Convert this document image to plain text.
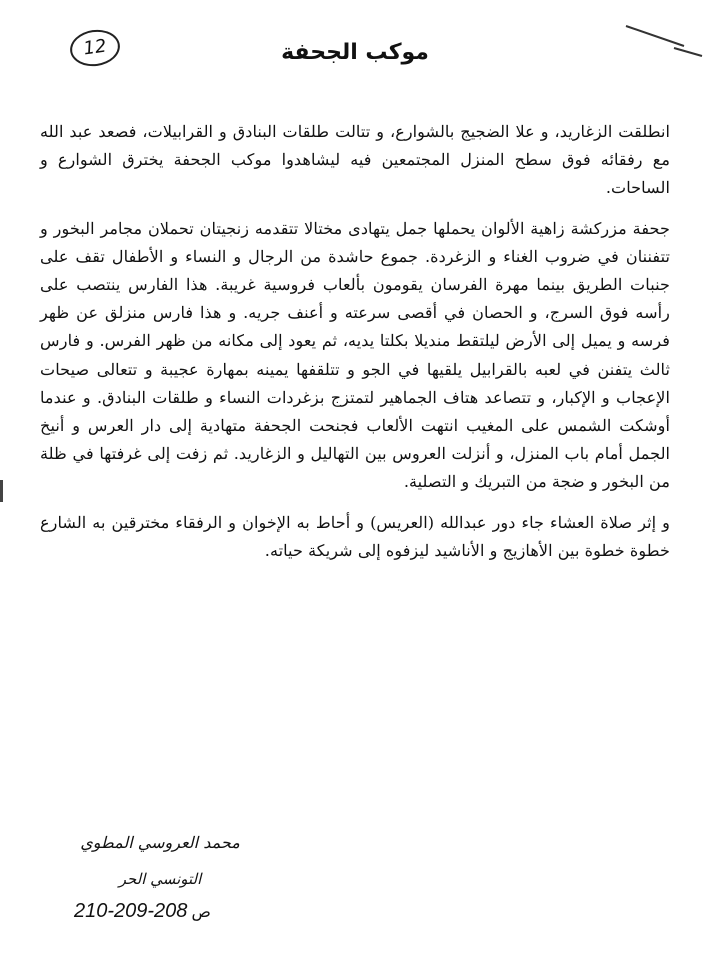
12	موكب الجحفة

انطلقت الزغاريد، و علا الضجيج بالشوارع، و تتالت طلقات البنادق و القرابيلات، فصعد عبد الله مع رفقائه فوق سطح المنزل المجتمعين فيه ليشاهدوا موكب الجحفة يخترق الشوارع و الساحات.

جحفة مزركشة زاهية الألوان يحملها جمل يتهادى مختالا تتقدمه زنجيتان تحملان مجامر البخور و تتفننان في ضروب الغناء و الزغردة. جموع حاشدة من الرجال و النساء و الأطفال تقف على جنبات الطريق بينما مهرة الفرسان يقومون بألعاب فروسية غريبة. هذا الفارس ينتصب على رأسه فوق السرج، و الحصان في أقصى سرعته و أعنف جريه. و هذا فارس منزلق عن ظهر فرسه و يميل إلى الأرض ليلتقط منديلا بكلتا يديه، ثم يعود إلى مكانه من ظهر الفرس. و فارس ثالث يتفنن في لعبه بالقرابيل يلقيها في الجو و تتلقفها يمينه بمهارة عجيبة و تتعالى صيحات الإعجاب و الإكبار، و تتصاعد هتاف الجماهير لتمتزج بزغردات النساء و طلقات البنادق. و عندما أوشكت الشمس على المغيب انتهت الألعاب فجنحت الجحفة متهادية إلى دار العرس و أنيخ الجمل أمام باب المنزل، و أنزلت العروس بين التهاليل و الزغاريد. ثم زفت إلى غرفتها في ظلة من البخور و ضجة من التبريك و التصلية.

و إثر صلاة العشاء جاء دور عبدالله (العريس) و أحاط به الإخوان و الرفقاء مخترقين به الشارع خطوة خطوة بين الأهازيج و الأناشيد ليزفوه إلى شريكة حياته.

محمد العروسي المطوي
التونسي الحر
210-209-208 ص
